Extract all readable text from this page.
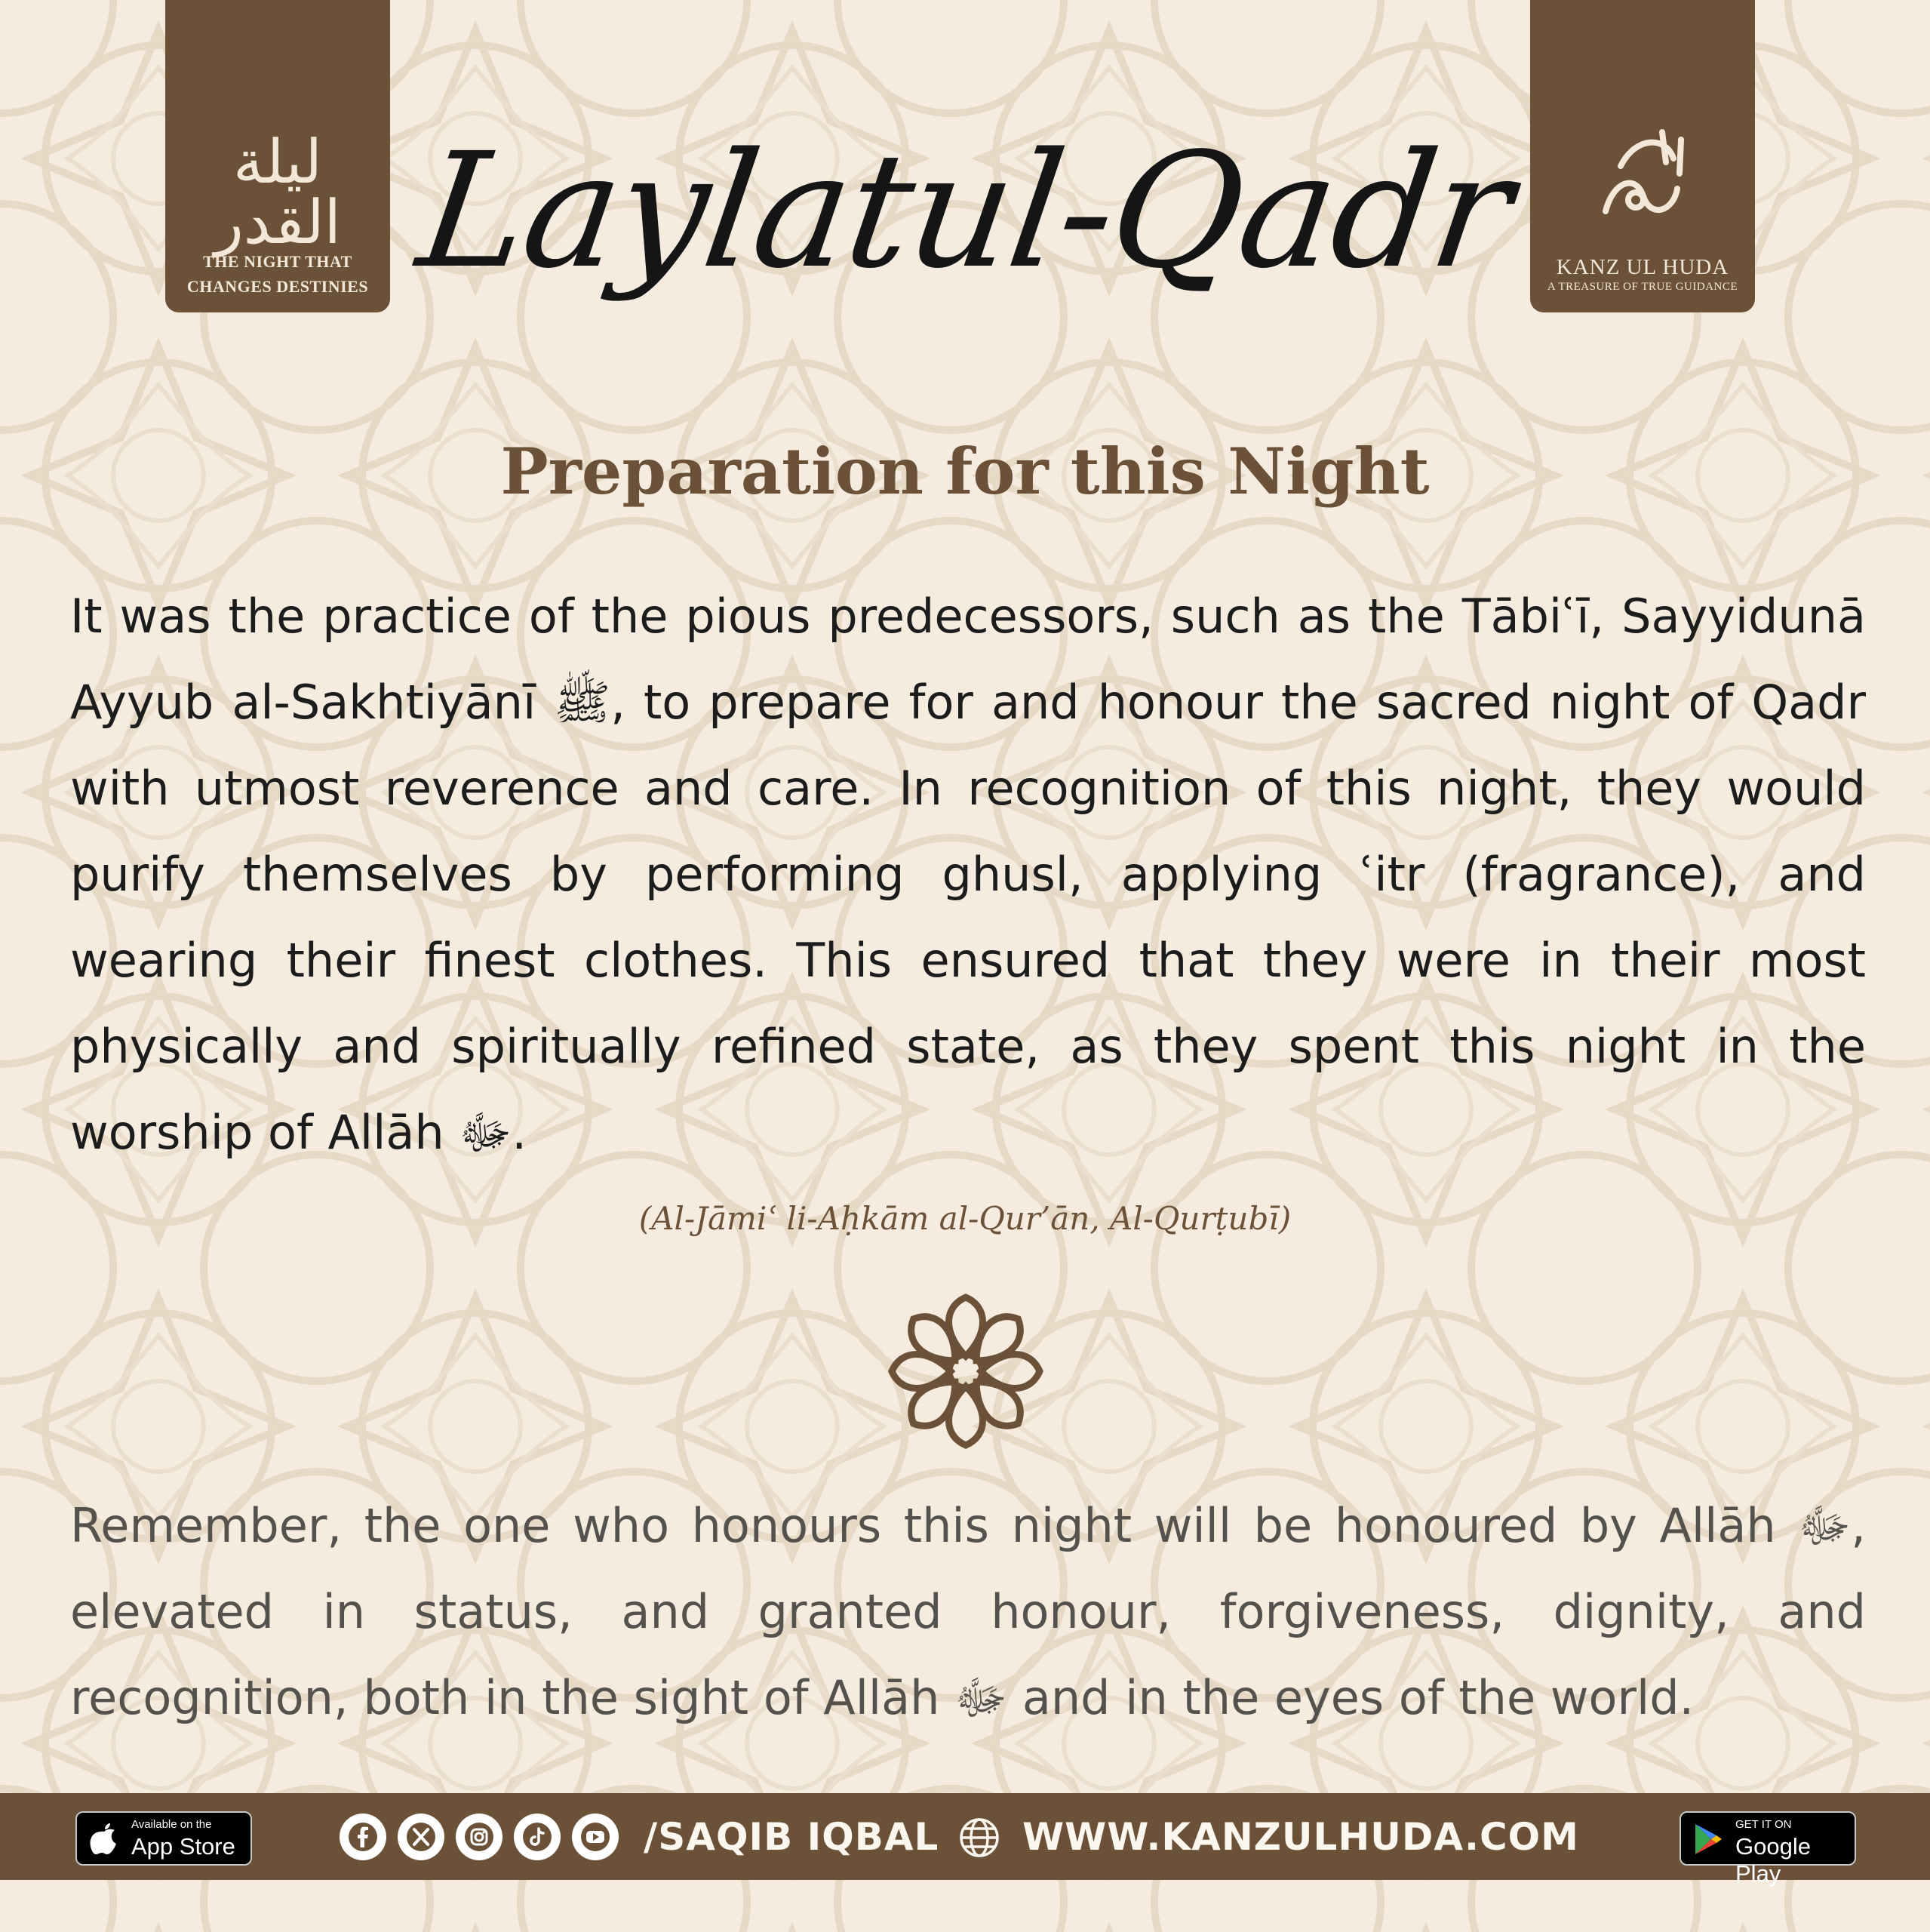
ليلة القدر
THE NIGHT THAT
CHANGES DESTINIES
KANZ UL HUDA
A TREASURE OF TRUE GUIDANCE
Laylatul-Qadr
Preparation for this Night
It was the practice of the pious predecessors, such as the Tābiʿī, Sayyidunā Ayyub al-Sakhtiyānī ﷺ, to prepare for and honour the sacred night of Qadr with utmost reverence and care. In recognition of this night, they would purify themselves by performing ghusl, applying ʿitr (fragrance), and wearing their finest clothes. This ensured that they were in their most physically and spiritually refined state, as they spent this night in the worship of Allāh ﷻ.
(Al-Jāmiʿ li-Aḥkām al-Qur’ān, Al-Qurṭubī)
Remember, the one who honours this night will be honoured by Allāh ﷻ, elevated in status, and granted honour, forgiveness, dignity, and recognition, both in the sight of Allāh ﷻ and in the eyes of the world.
Available on the
App Store	/SAQIB IQBAL WWW.KANZULHUDA.COM	GET IT ON
Google Play
